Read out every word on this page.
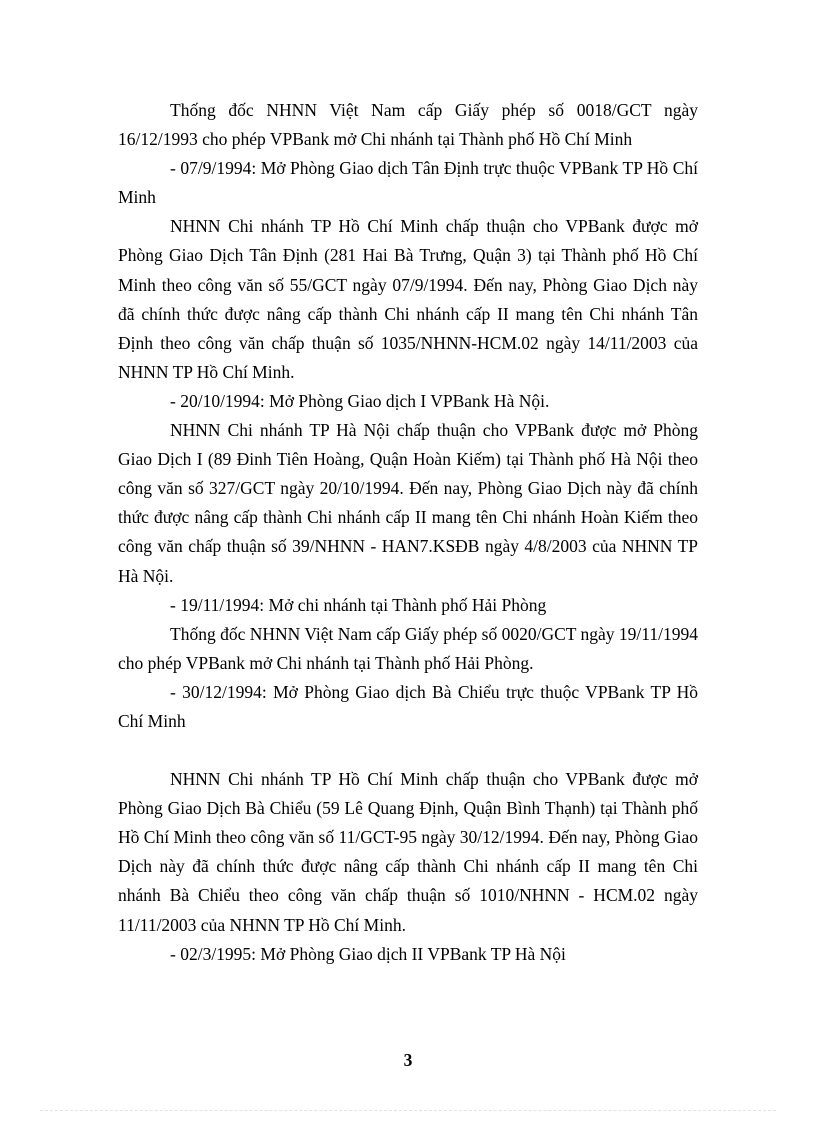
Thống đốc NHNN Việt Nam cấp Giấy phép số 0018/GCT ngày 16/12/1993 cho phép VPBank mở Chi nhánh tại Thành phố Hồ Chí Minh

- 07/9/1994: Mở Phòng Giao dịch Tân Định trực thuộc VPBank TP Hồ Chí Minh

NHNN Chi nhánh TP Hồ Chí Minh chấp thuận cho VPBank được mở Phòng Giao Dịch Tân Định (281 Hai Bà Trưng, Quận 3) tại Thành phố Hồ Chí Minh theo công văn số 55/GCT ngày 07/9/1994. Đến nay, Phòng Giao Dịch này đã chính thức được nâng cấp thành Chi nhánh cấp II mang tên Chi nhánh Tân Định theo công văn chấp thuận số 1035/NHNN-HCM.02 ngày 14/11/2003 của NHNN TP Hồ Chí Minh.

- 20/10/1994: Mở Phòng Giao dịch I VPBank Hà Nội.

NHNN Chi nhánh TP Hà Nội chấp thuận cho VPBank được mở Phòng Giao Dịch I (89 Đinh Tiên Hoàng, Quận Hoàn Kiếm) tại Thành phố Hà Nội theo công văn số 327/GCT ngày 20/10/1994. Đến nay, Phòng Giao Dịch này đã chính thức được nâng cấp thành Chi nhánh cấp II mang tên Chi nhánh Hoàn Kiếm theo công văn chấp thuận số 39/NHNN - HAN7.KSĐB ngày 4/8/2003 của NHNN TP Hà Nội.

- 19/11/1994: Mở chi nhánh tại Thành phố Hải Phòng

Thống đốc NHNN Việt Nam cấp Giấy phép số 0020/GCT ngày 19/11/1994 cho phép VPBank mở Chi nhánh tại Thành phố Hải Phòng.

- 30/12/1994: Mở Phòng Giao dịch Bà Chiểu trực thuộc VPBank TP Hồ Chí Minh

NHNN Chi nhánh TP Hồ Chí Minh chấp thuận cho VPBank được mở Phòng Giao Dịch Bà Chiểu (59 Lê Quang Định, Quận Bình Thạnh) tại Thành phố Hồ Chí Minh theo công văn số 11/GCT-95 ngày 30/12/1994. Đến nay, Phòng Giao Dịch này đã chính thức được nâng cấp thành Chi nhánh cấp II mang tên Chi nhánh Bà Chiểu theo công văn chấp thuận số 1010/NHNN - HCM.02 ngày 11/11/2003 của NHNN TP Hồ Chí Minh.

- 02/3/1995: Mở Phòng Giao dịch II VPBank TP Hà Nội

3
